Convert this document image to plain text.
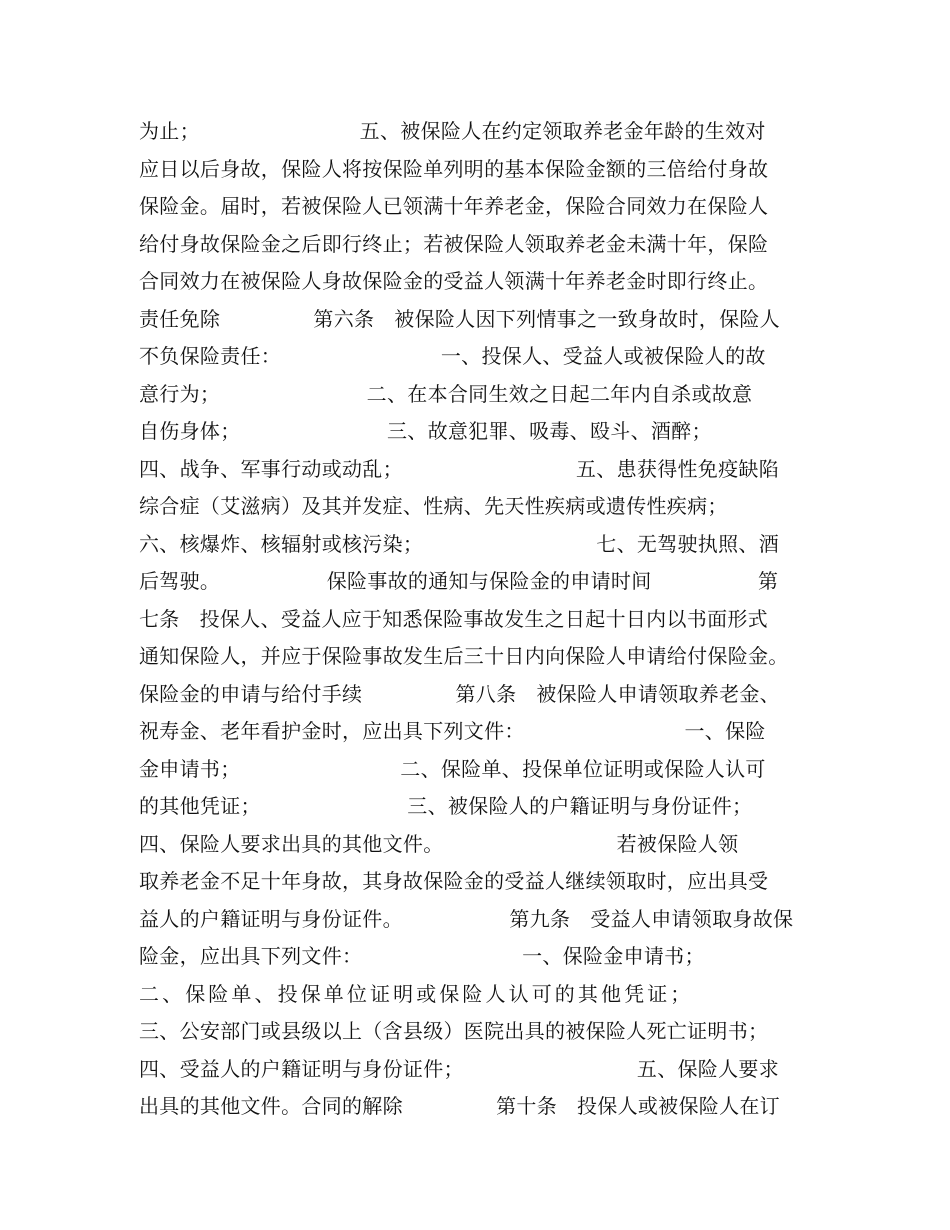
为止；                        五、被保险人在约定领取养老金年龄的生效对
应日以后身故，保险人将按保险单列明的基本保险金额的三倍给付身故
保险金。届时，若被保险人已领满十年养老金，保险合同效力在保险人
给付身故保险金之后即行终止；若被保险人领取养老金未满十年，保险
合同效力在被保险人身故保险金的受益人领满十年养老金时即行终止。
责任免除              第六条   被保险人因下列情事之一致身故时，保险人
不负保险责任：                        一、投保人、受益人或被保险人的故
意行为；                      二、在本合同生效之日起二年内自杀或故意
自伤身体；                      三、故意犯罪、吸毒、殴斗、酒醉；
四、战争、军事行动或动乱；                          五、患获得性免疫缺陷
综合症（艾滋病）及其并发症、性病、先天性疾病或遗传性疾病；
六、核爆炸、核辐射或核污染；                          七、无驾驶执照、酒
后驾驶。                保险事故的通知与保险金的申请时间                第
七条   投保人、受益人应于知悉保险事故发生之日起十日内以书面形式
通知保险人，并应于保险事故发生后三十日内向保险人申请给付保险金。
保险金的申请与给付手续              第八条   被保险人申请领取养老金、
祝寿金、老年看护金时，应出具下列文件：                        一、保险
金申请书；                        二、保险单、投保单位证明或保险人认可
的其他凭证；                      三、被保险人的户籍证明与身份证件；
四、保险人要求出具的其他文件。                          若被保险人领
取养老金不足十年身故，其身故保险金的受益人继续领取时，应出具受
益人的户籍证明与身份证件。                第九条   受益人申请领取身故保
险金，应出具下列文件：                        一、保险金申请书；
二、保险单、投保单位证明或保险人认可的其他凭证；
三、公安部门或县级以上（含县级）医院出具的被保险人死亡证明书；
四、受益人的户籍证明与身份证件；                          五、保险人要求
出具的其他文件。合同的解除              第十条   投保人或被保险人在订
